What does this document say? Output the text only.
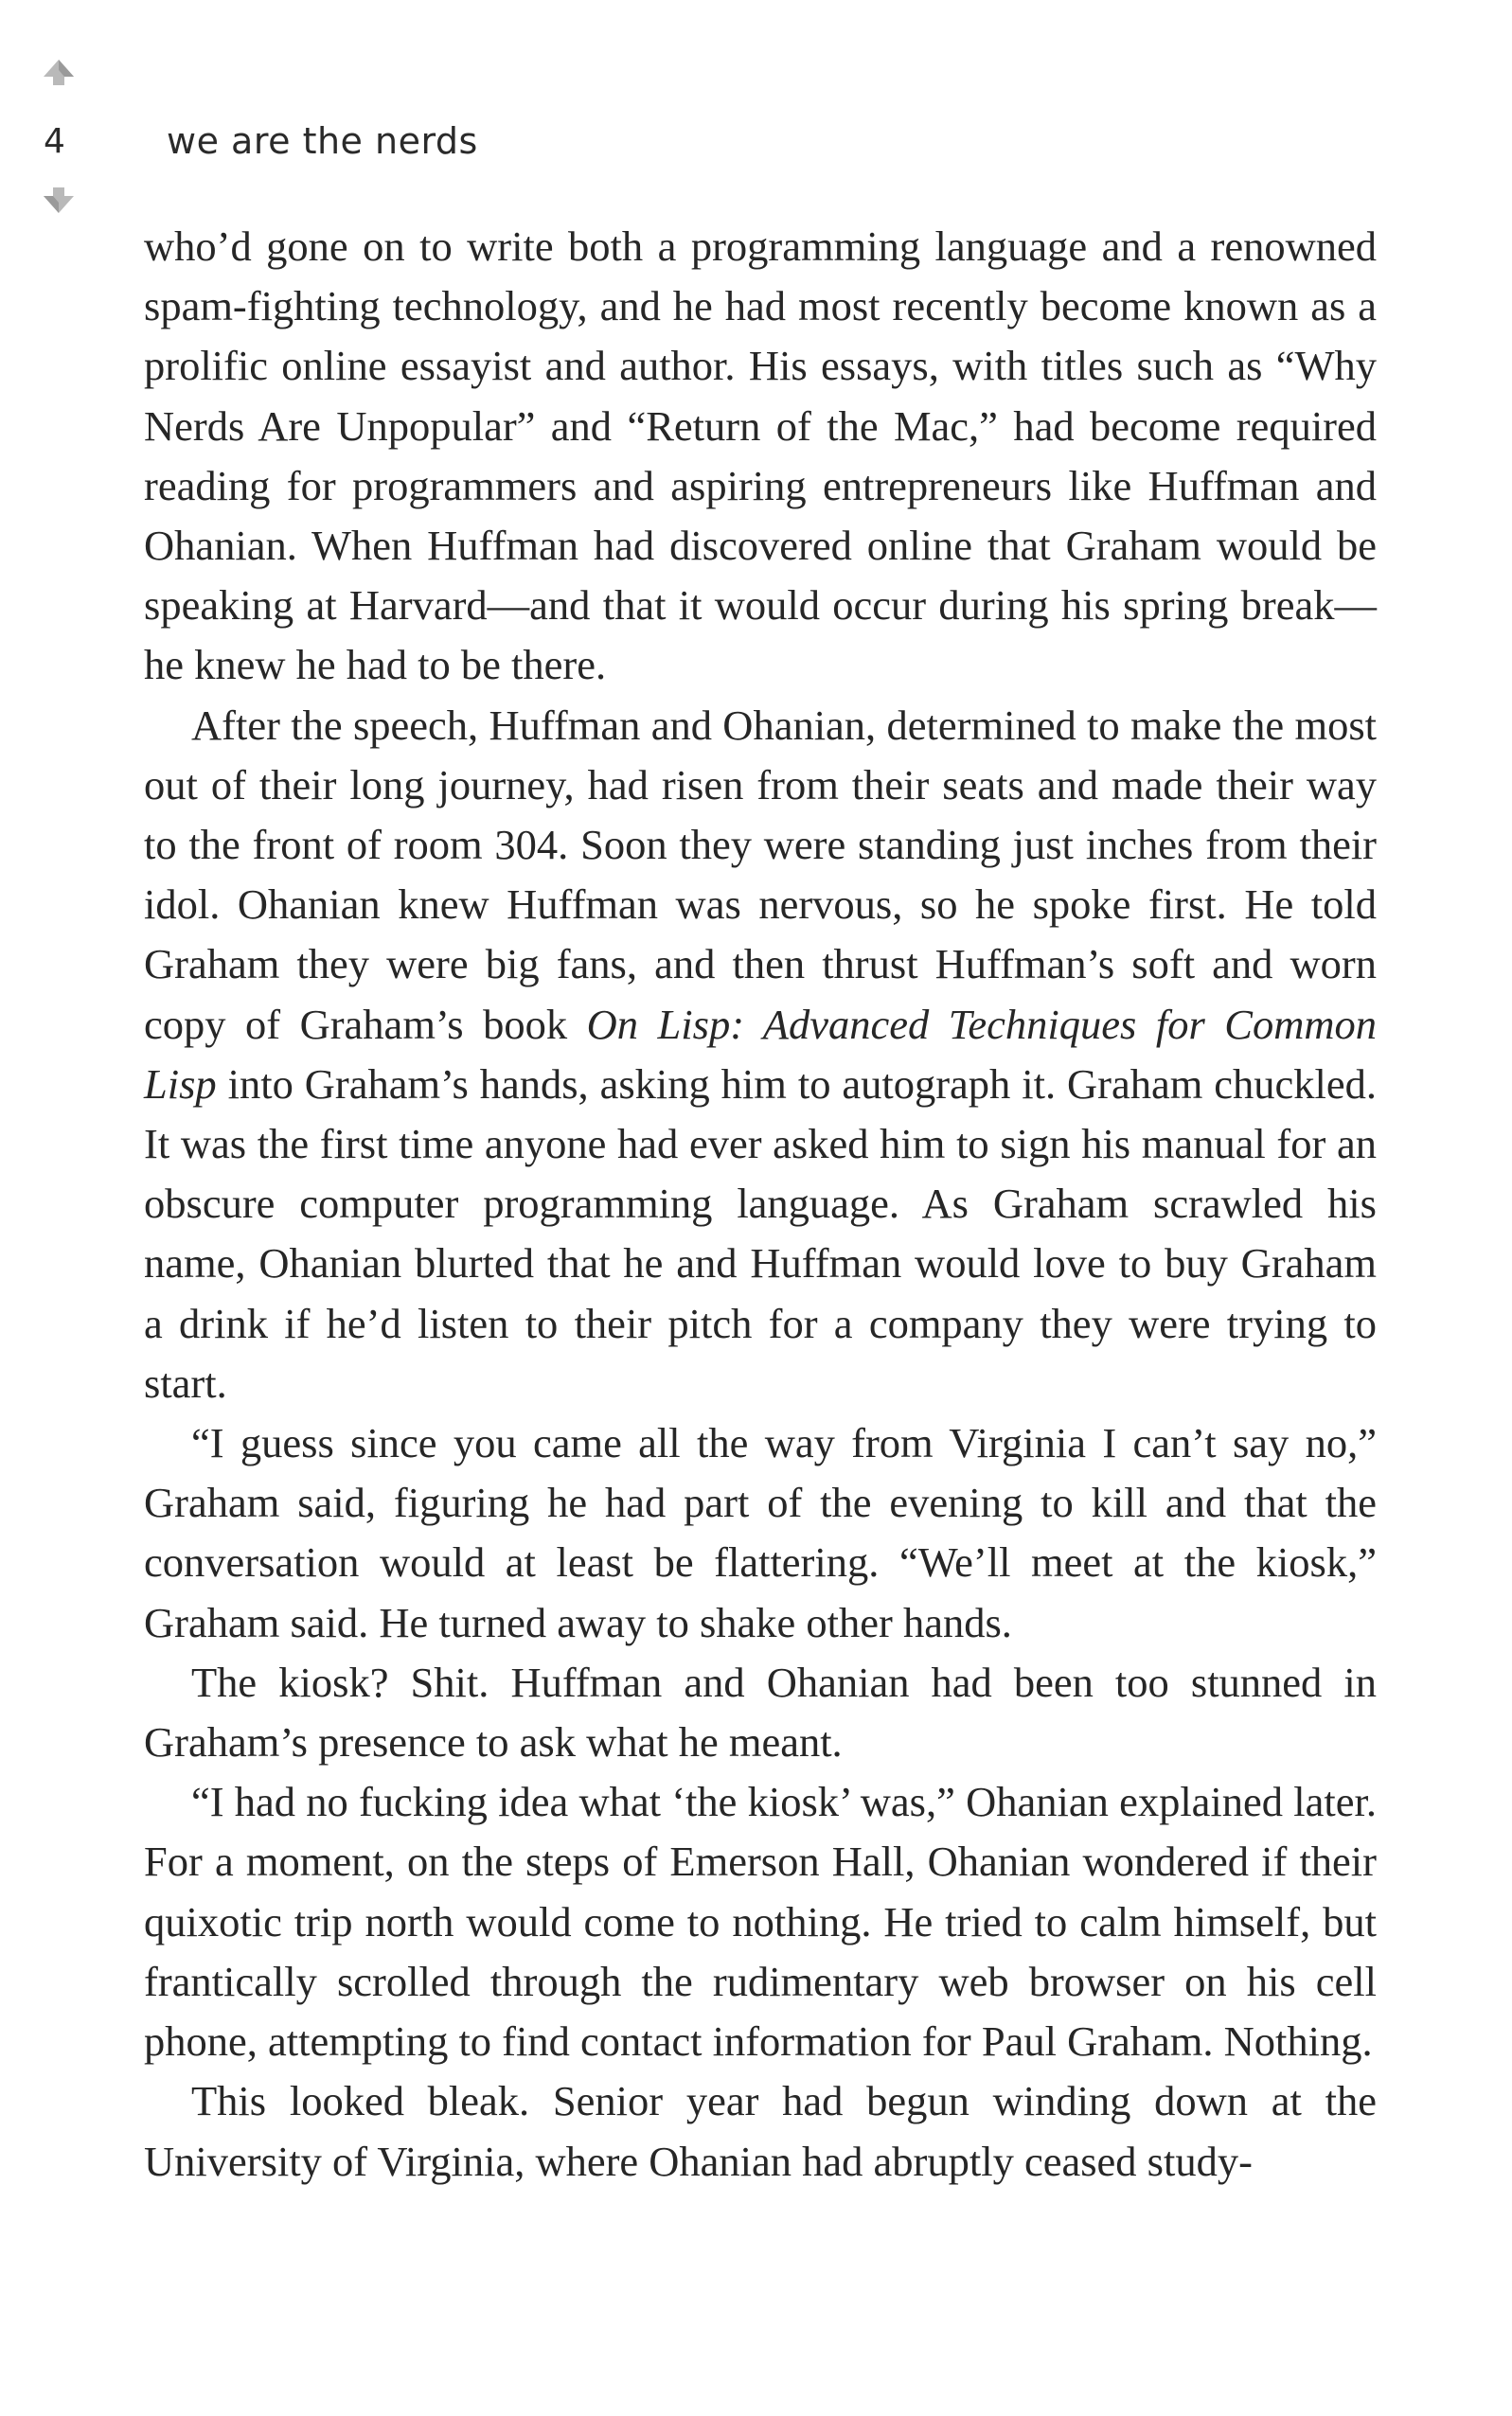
4	we are the nerds

who’d gone on to write both a programming language and a renowned spam-fighting technology, and he had most recently become known as a prolific online essayist and author. His essays, with titles such as “Why Nerds Are Unpopular” and “Return of the Mac,” had become required reading for programmers and aspiring entrepreneurs like Huffman and Ohanian. When Huffman had discovered online that Graham would be speaking at Harvard—and that it would occur during his spring break—he knew he had to be there.

After the speech, Huffman and Ohanian, determined to make the most out of their long journey, had risen from their seats and made their way to the front of room 304. Soon they were standing just inches from their idol. Ohanian knew Huffman was nervous, so he spoke first. He told Graham they were big fans, and then thrust Huffman’s soft and worn copy of Graham’s book On Lisp: Advanced Techniques for Common Lisp into Graham’s hands, asking him to autograph it. Graham chuckled. It was the first time anyone had ever asked him to sign his manual for an obscure computer programming language. As Graham scrawled his name, Ohanian blurted that he and Huffman would love to buy Graham a drink if he’d listen to their pitch for a company they were trying to start.

“I guess since you came all the way from Virginia I can’t say no,” Graham said, figuring he had part of the evening to kill and that the conversation would at least be flattering. “We’ll meet at the kiosk,” Graham said. He turned away to shake other hands.

The kiosk? Shit. Huffman and Ohanian had been too stunned in Graham’s presence to ask what he meant.

“I had no fucking idea what ‘the kiosk’ was,” Ohanian explained later. For a moment, on the steps of Emerson Hall, Ohanian wondered if their quixotic trip north would come to nothing. He tried to calm himself, but frantically scrolled through the rudimentary web browser on his cell phone, attempting to find contact information for Paul Graham. Nothing.

This looked bleak. Senior year had begun winding down at the University of Virginia, where Ohanian had abruptly ceased study-
